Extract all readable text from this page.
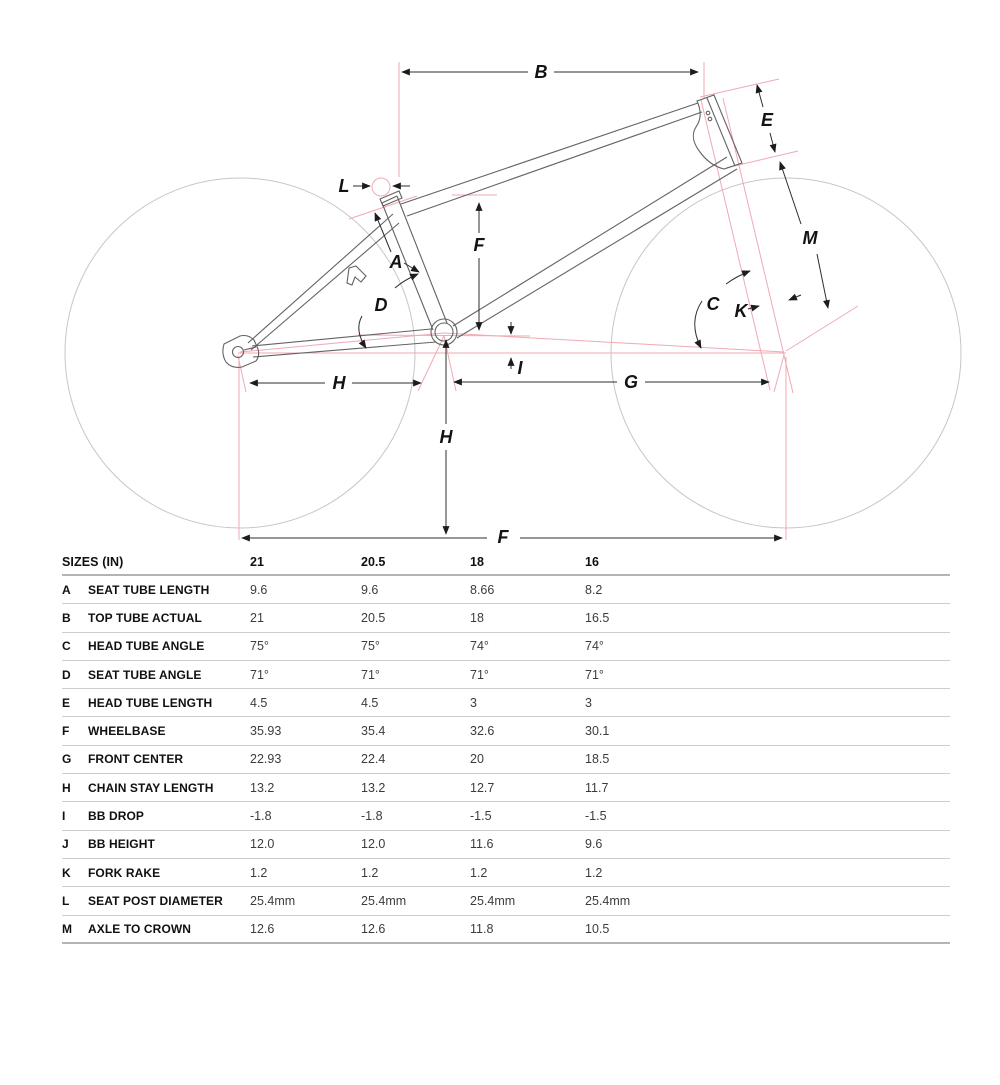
B
E
M
L
A
D
F
H
I
H	G
F
C K
SIZES (IN)	21	20.5	18	16
A	SEAT TUBE LENGTH	9.6	9.6	8.66	8.2
B	TOP TUBE ACTUAL	21	20.5	18	16.5
C	HEAD TUBE ANGLE	75°	75°	74°	74°
D	SEAT TUBE ANGLE	71°	71°	71°	71°
E	HEAD TUBE LENGTH	4.5	4.5	3	3
F	WHEELBASE	35.93	35.4	32.6	30.1
G	FRONT CENTER	22.93	22.4	20	18.5
H	CHAIN STAY LENGTH	13.2	13.2	12.7	11.7
I	BB DROP	-1.8	-1.8	-1.5	-1.5
J	BB HEIGHT	12.0	12.0	11.6	9.6
K	FORK RAKE	1.2	1.2	1.2	1.2
L	SEAT POST DIAMETER	25.4mm	25.4mm	25.4mm	25.4mm
M	AXLE TO CROWN	12.6	12.6	11.8	10.5
